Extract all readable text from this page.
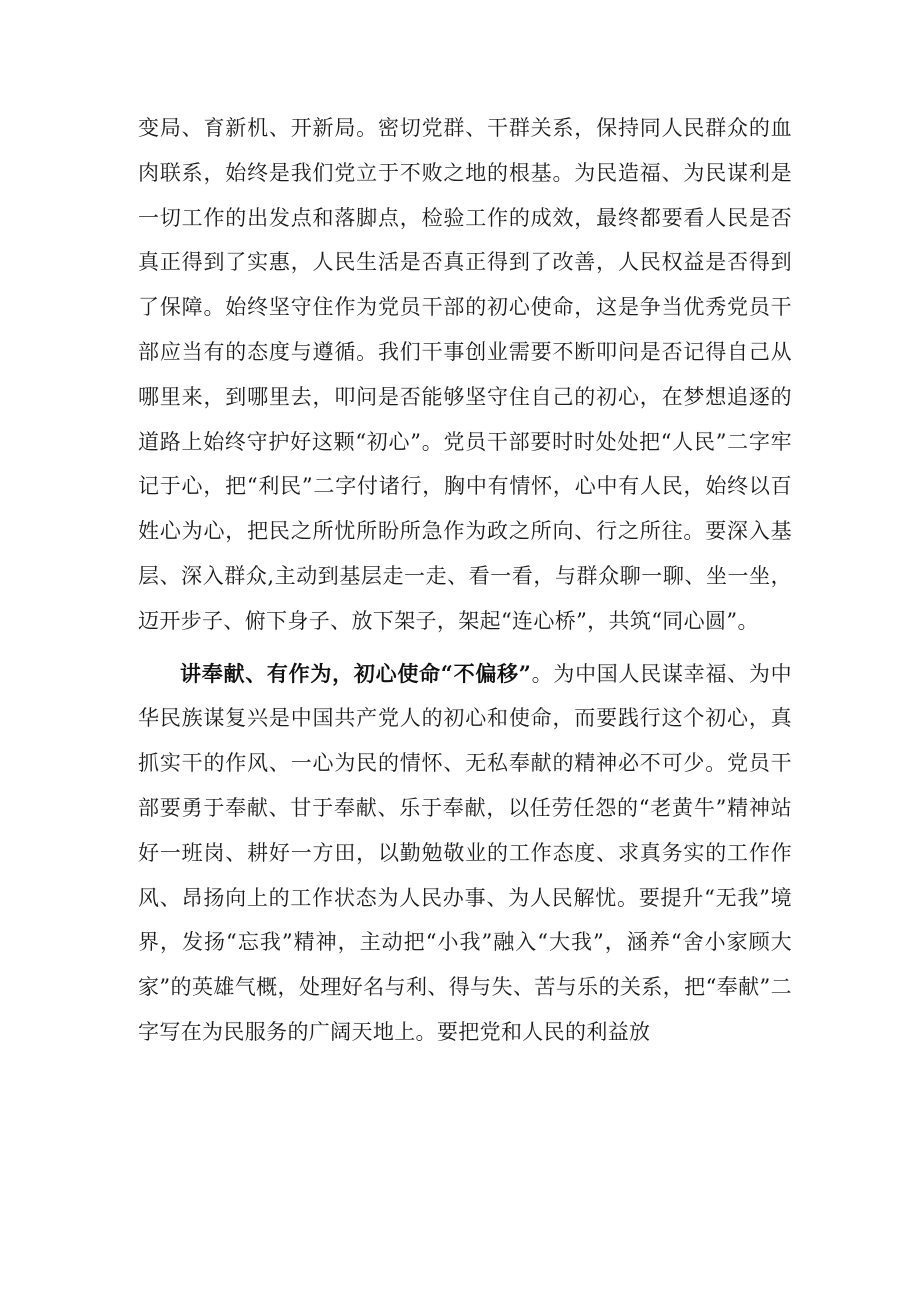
变局、育新机、开新局。密切党群、干群关系，保持同人民群众的血肉联系，始终是我们党立于不败之地的根基。为民造福、为民谋利是一切工作的出发点和落脚点，检验工作的成效，最终都要看人民是否真正得到了实惠，人民生活是否真正得到了改善，人民权益是否得到了保障。始终坚守住作为党员干部的初心使命，这是争当优秀党员干部应当有的态度与遵循。我们干事创业需要不断叩问是否记得自己从哪里来，到哪里去，叩问是否能够坚守住自己的初心，在梦想追逐的道路上始终守护好这颗“初心”。党员干部要时时处处把“人民”二字牢记于心，把“利民”二字付诸行，胸中有情怀，心中有人民，始终以百姓心为心，把民之所忧所盼所急作为政之所向、行之所往。要深入基层、深入群众,主动到基层走一走、看一看，与群众聊一聊、坐一坐，迈开步子、俯下身子、放下架子，架起“连心桥”，共筑“同心圆”。

讲奉献、有作为，初心使命“不偏移”。为中国人民谋幸福、为中华民族谋复兴是中国共产党人的初心和使命，而要践行这个初心，真抓实干的作风、一心为民的情怀、无私奉献的精神必不可少。党员干部要勇于奉献、甘于奉献、乐于奉献，以任劳任怨的“老黄牛”精神站好一班岗、耕好一方田，以勤勉敬业的工作态度、求真务实的工作作风、昂扬向上的工作状态为人民办事、为人民解忧。要提升“无我”境界，发扬“忘我”精神，主动把“小我”融入“大我”，涵养“舍小家顾大家”的英雄气概，处理好名与利、得与失、苦与乐的关系，把“奉献”二字写在为民服务的广阔天地上。要把党和人民的利益放
